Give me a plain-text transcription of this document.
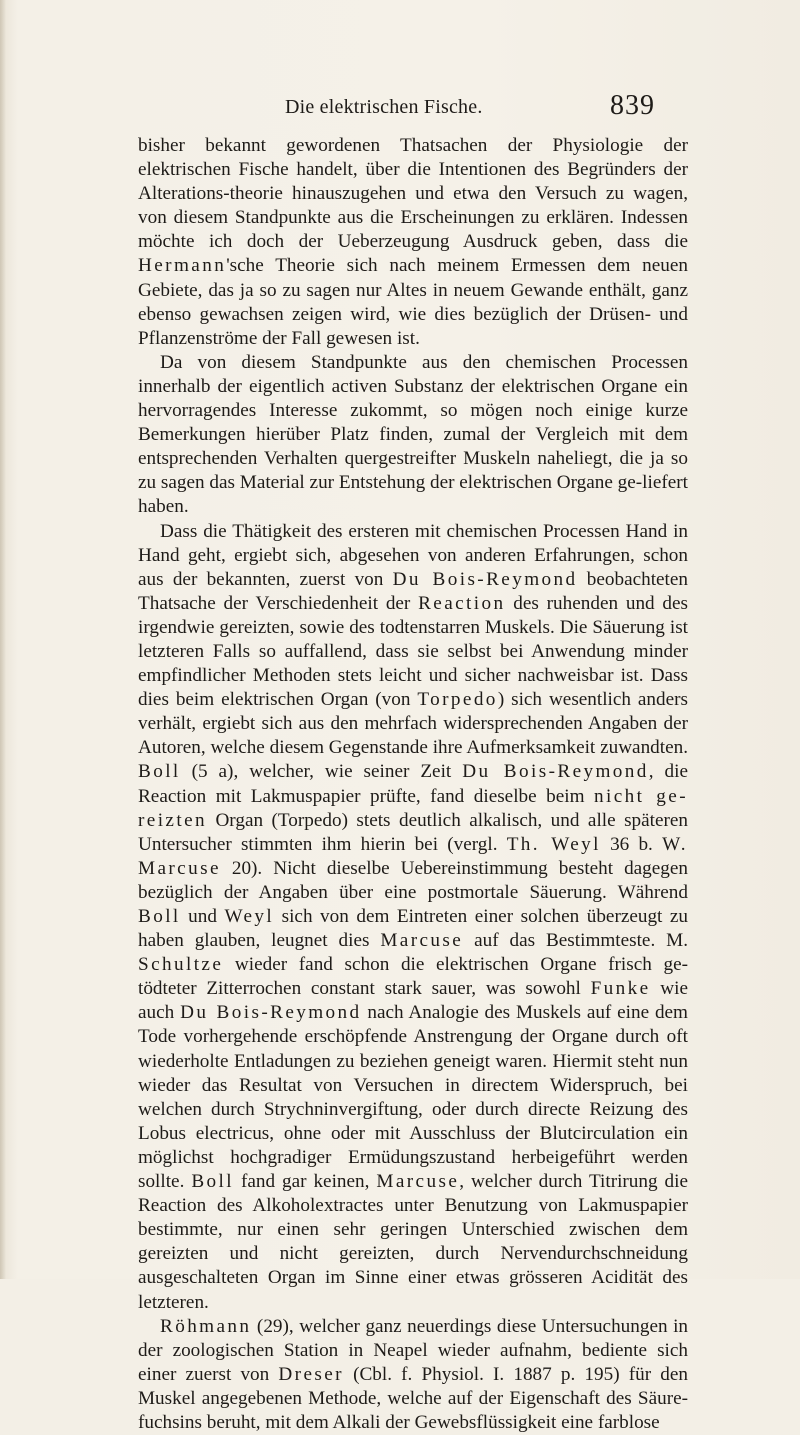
Die elektrischen Fische.	839

bisher bekannt gewordenen Thatsachen der Physiologie der elektrischen Fische handelt, über die Intentionen des Begründers der Alterations-theorie hinauszugehen und etwa den Versuch zu wagen, von diesem Standpunkte aus die Erscheinungen zu erklären. Indessen möchte ich doch der Ueberzeugung Ausdruck geben, dass die Hermann'sche Theorie sich nach meinem Ermessen dem neuen Gebiete, das ja so zu sagen nur Altes in neuem Gewande enthält, ganz ebenso gewachsen zeigen wird, wie dies bezüglich der Drüsen- und Pflanzenströme der Fall gewesen ist.

Da von diesem Standpunkte aus den chemischen Processen innerhalb der eigentlich activen Substanz der elektrischen Organe ein hervorragendes Interesse zukommt, so mögen noch einige kurze Bemerkungen hierüber Platz finden, zumal der Vergleich mit dem entsprechenden Verhalten quergestreifter Muskeln naheliegt, die ja so zu sagen das Material zur Entstehung der elektrischen Organe ge-liefert haben.

Dass die Thätigkeit des ersteren mit chemischen Processen Hand in Hand geht, ergiebt sich, abgesehen von anderen Erfahrungen, schon aus der bekannten, zuerst von Du Bois-Reymond beobachteten Thatsache der Verschiedenheit der Reaction des ruhenden und des irgendwie gereizten, sowie des todtenstarren Muskels. Die Säuerung ist letzteren Falls so auffallend, dass sie selbst bei Anwendung minder empfindlicher Methoden stets leicht und sicher nachweisbar ist. Dass dies beim elektrischen Organ (von Torpedo) sich wesentlich anders verhält, ergiebt sich aus den mehrfach widersprechenden Angaben der Autoren, welche diesem Gegenstande ihre Aufmerksamkeit zuwandten. Boll (5 a), welcher, wie seiner Zeit Du Bois-Reymond, die Reaction mit Lakmuspapier prüfte, fand dieselbe beim nicht ge-reizten Organ (Torpedo) stets deutlich alkalisch, und alle späteren Untersucher stimmten ihm hierin bei (vergl. Th. Weyl 36 b. W. Marcuse 20). Nicht dieselbe Uebereinstimmung besteht dagegen bezüglich der Angaben über eine postmortale Säuerung. Während Boll und Weyl sich von dem Eintreten einer solchen überzeugt zu haben glauben, leugnet dies Marcuse auf das Bestimmteste. M. Schultze wieder fand schon die elektrischen Organe frisch ge-tödteter Zitterrochen constant stark sauer, was sowohl Funke wie auch Du Bois-Reymond nach Analogie des Muskels auf eine dem Tode vorhergehende erschöpfende Anstrengung der Organe durch oft wiederholte Entladungen zu beziehen geneigt waren. Hiermit steht nun wieder das Resultat von Versuchen in directem Widerspruch, bei welchen durch Strychninvergiftung, oder durch directe Reizung des Lobus electricus, ohne oder mit Ausschluss der Blutcirculation ein möglichst hochgradiger Ermüdungszustand herbeigeführt werden sollte. Boll fand gar keinen, Marcuse, welcher durch Titrirung die Reaction des Alkoholextractes unter Benutzung von Lakmuspapier bestimmte, nur einen sehr geringen Unterschied zwischen dem gereizten und nicht gereizten, durch Nervendurchschneidung ausgeschalteten Organ im Sinne einer etwas grösseren Acidität des letzteren.

Röhmann (29), welcher ganz neuerdings diese Untersuchungen in der zoologischen Station in Neapel wieder aufnahm, bediente sich einer zuerst von Dreser (Cbl. f. Physiol. I. 1887 p. 195) für den Muskel angegebenen Methode, welche auf der Eigenschaft des Säure-fuchsins beruht, mit dem Alkali der Gewebsflüssigkeit eine farblose
